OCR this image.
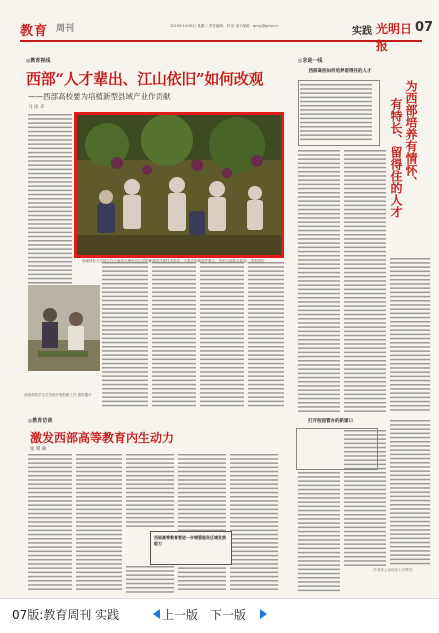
教育 周刊	2019年10月8日 星期二 责任编辑：刘 伯 电子邮箱：gmjy@gmw.cn	实践 光明日报
07
◎教育视线
西部“人才辈出、江山依旧”如何改观
——西部高校要为培植新型县域产业作贡献
马 冰 卉
西南林业大学师生在云南省大理州宾川县的葡萄园开展技术指导，为果农讲解管护要点，受到当地群众欢迎。 资料图片
西部高校学生在田间开展科研工作 资料图片
◎教育访谈
激发西部高等教育内生动力
张 明 硕
西部高等教育要进一步增强服务区域发展能力
◎求是一线
西部高校如何培养留得住的人才
为西部培养有情怀、
有特长、留得住的人才
打开校园管办的新窗口
（作者系云南师范大学教授）
07版:教育周刊 实践	上一版 下一版
